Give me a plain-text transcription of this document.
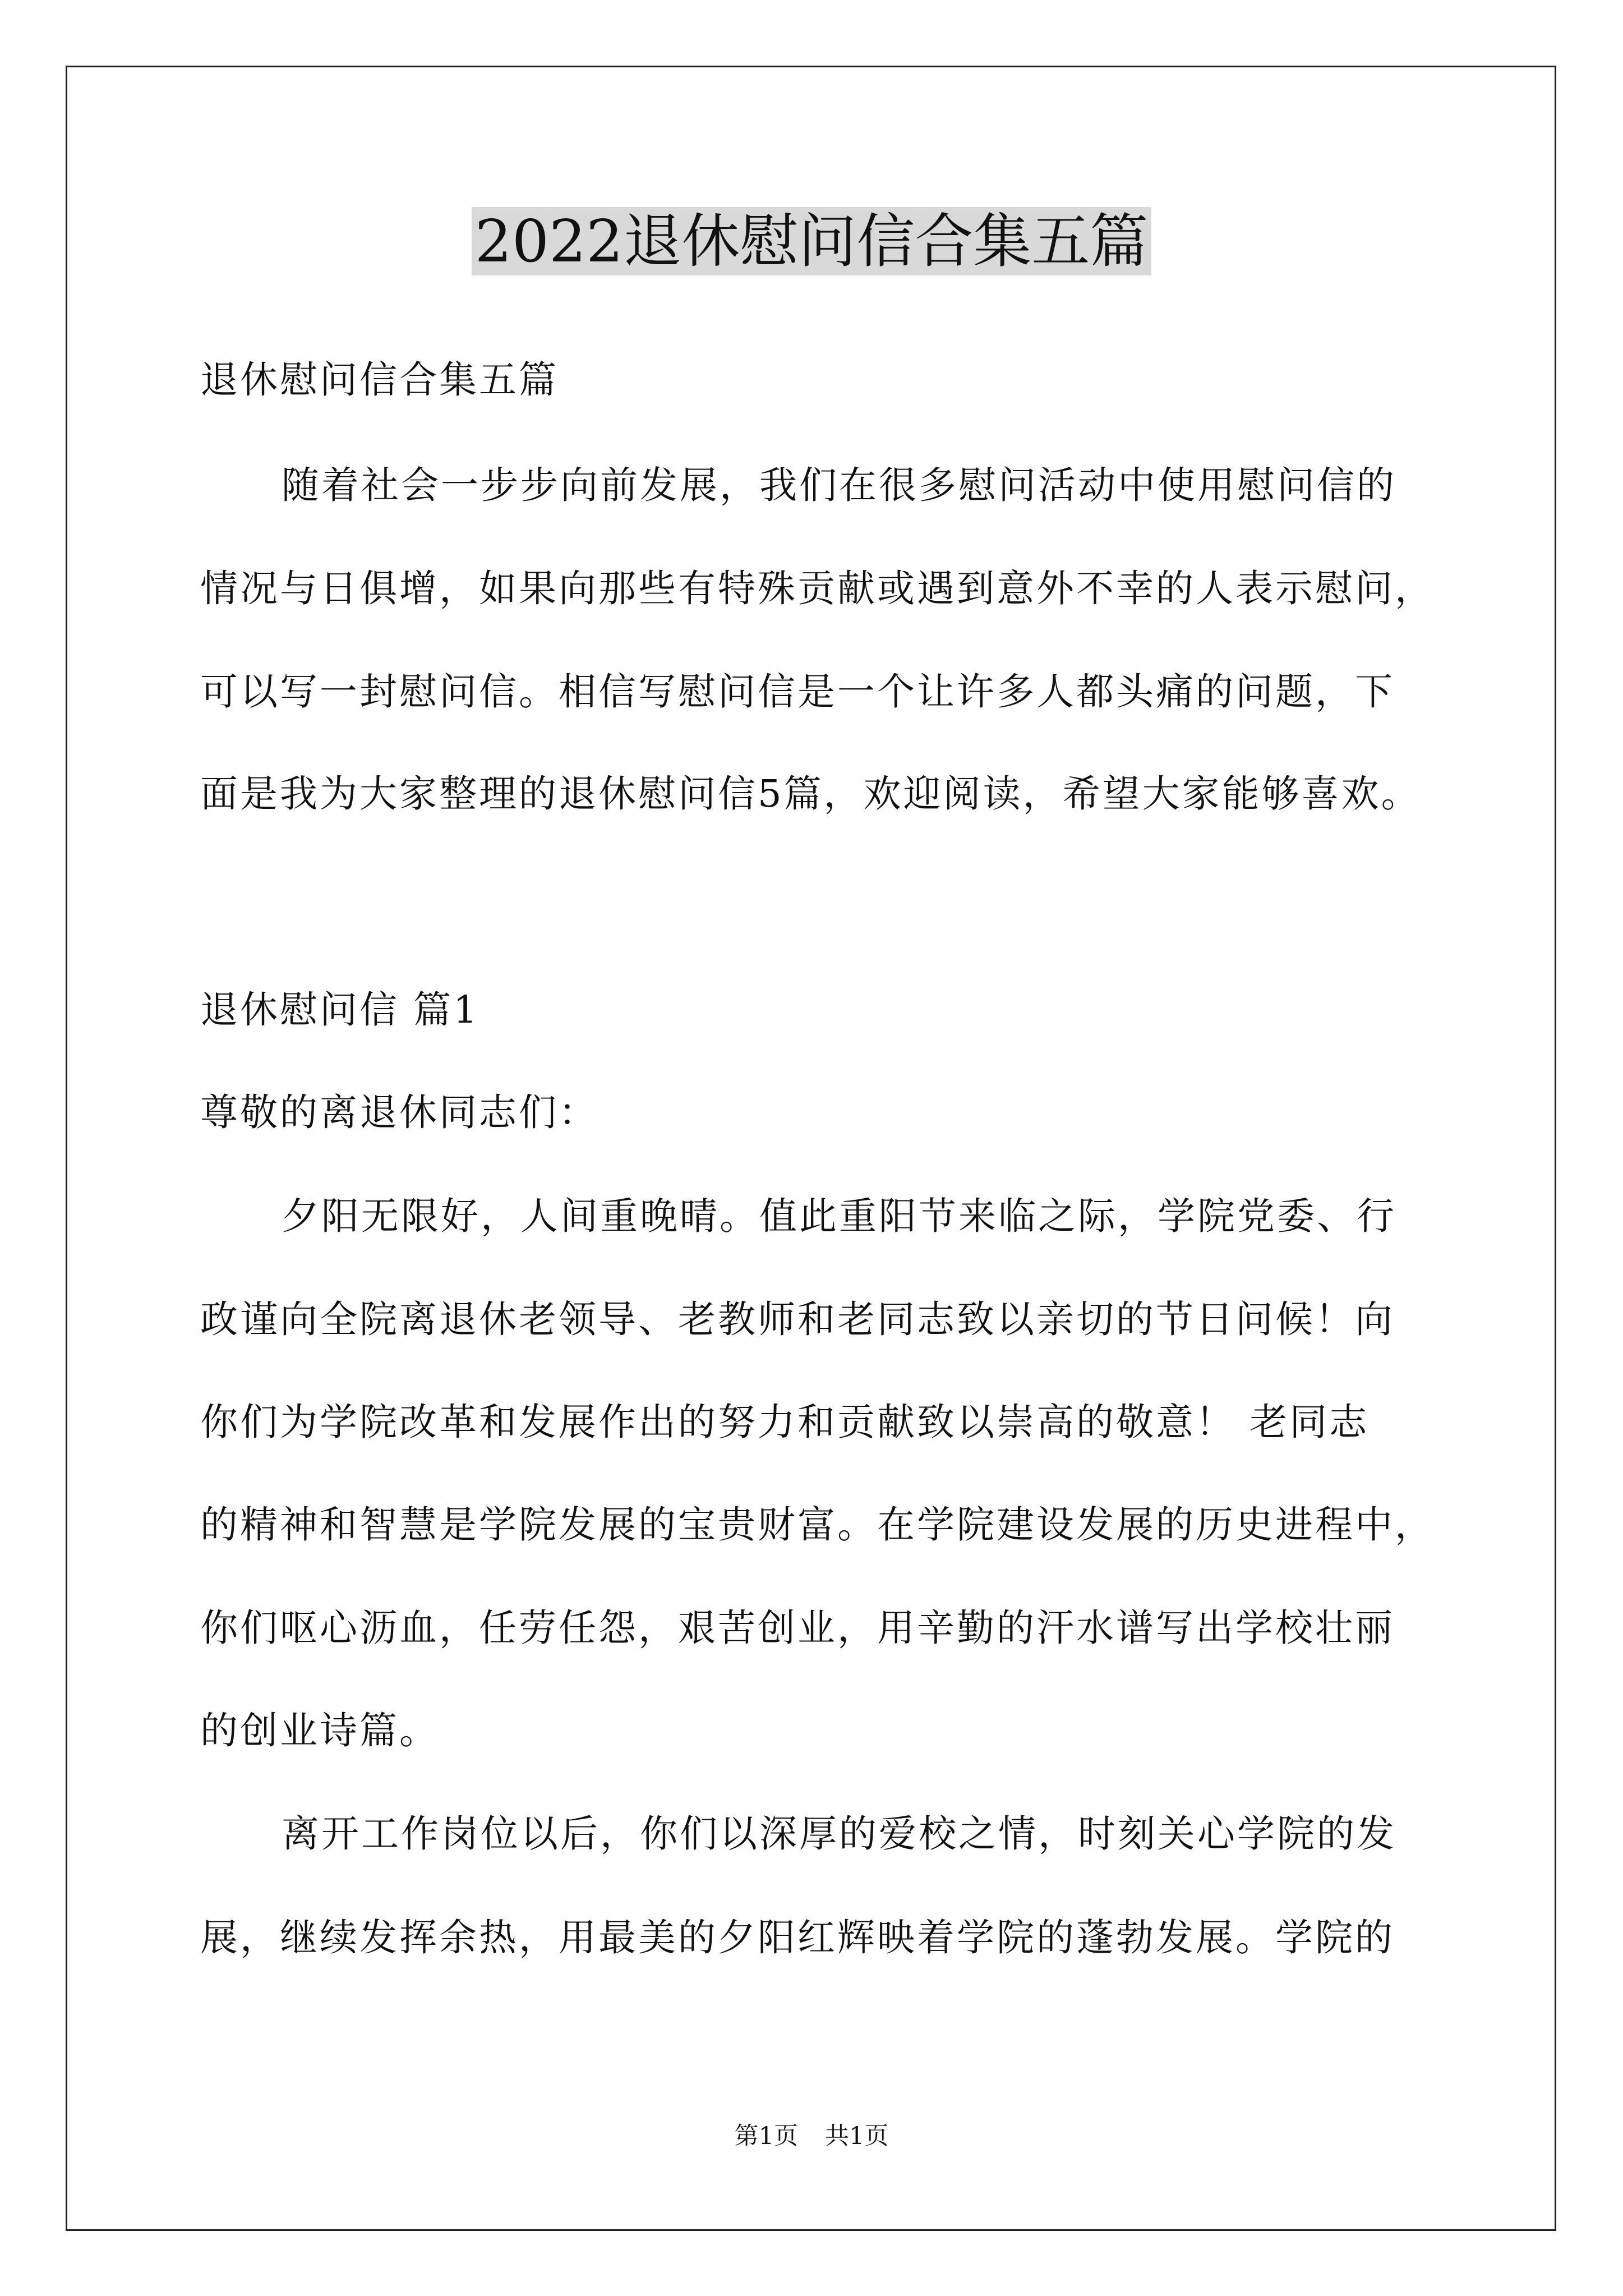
2022退休慰问信合集五篇
退休慰问信合集五篇
随着社会一步步向前发展，我们在很多慰问活动中使用慰问信的
情况与日俱增，如果向那些有特殊贡献或遇到意外不幸的人表示慰问，
可以写一封慰问信。相信写慰问信是一个让许多人都头痛的问题，下
面是我为大家整理的退休慰问信5篇，欢迎阅读，希望大家能够喜欢。
退休慰问信 篇1
尊敬的离退休同志们：
夕阳无限好，人间重晚晴。值此重阳节来临之际，学院党委、行
政谨向全院离退休老领导、老教师和老同志致以亲切的节日问候！向
你们为学院改革和发展作出的努力和贡献致以崇高的敬意！ 老同志
的精神和智慧是学院发展的宝贵财富。在学院建设发展的历史进程中，
你们呕心沥血，任劳任怨，艰苦创业，用辛勤的汗水谱写出学校壮丽
的创业诗篇。
离开工作岗位以后，你们以深厚的爱校之情，时刻关心学院的发
展，继续发挥余热，用最美的夕阳红辉映着学院的蓬勃发展。学院的
第1页 共1页
